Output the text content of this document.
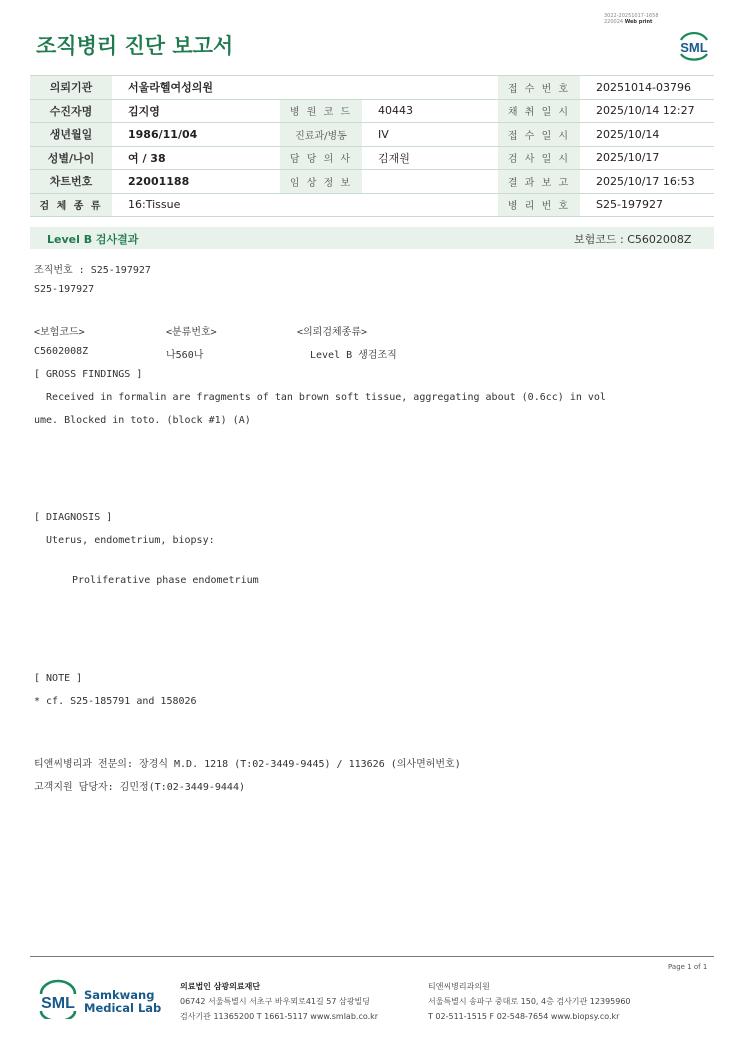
조직병리 진단 보고서
3022-20251017-1658
220024 Web print
SML
의뢰기관	서울라헬여성의원			접 수 번 호	20251014-03796
수진자명	김지영	병 원 코 드	40443	채 취 일 시	2025/10/14 12:27
생년월일	1986/11/04	진료과/병동	IV	접 수 일 시	2025/10/14
성별/나이	여 / 38	담 당 의 사	김재원	검 사 일 시	2025/10/17
차트번호	22001188	임 상 정 보		결 과 보 고	2025/10/17 16:53
검 체 종 류	16:Tissue			병 리 번 호	S25-197927
Level B 검사결과	보험코드 : C5602008Z
조직번호 : S25-197927
S25-197927
<보험코드>	<분류번호>	<의뢰검체종류>
C5602008Z	나560나	Level B 생검조직
[ GROSS FINDINGS ]
Received in formalin are fragments of tan brown soft tissue, aggregating about (0.6cc) in vol
ume. Blocked in toto. (block #1) (A)
[ DIAGNOSIS ]
Uterus, endometrium, biopsy:
Proliferative phase endometrium
[ NOTE ]
* cf. S25-185791 and 158026
티앤씨병리과 전문의: 장경식 M.D. 1218 (T:02-3449-9445) / 113626 (의사면허번호)
고객지원 담당자: 김민정(T:02-3449-9444)
Page 1 of 1
SML Samkwang
Medical Lab
의료법인 삼광의료재단
06742 서울특별시 서초구 바우뫼로41길 57 삼광빌딩
검사기관 11365200 T 1661-5117 www.smlab.co.kr
티앤씨병리과의원
서울특별시 송파구 중대로 150, 4층 검사기관 12395960
T 02-511-1515 F 02-548-7654 www.biopsy.co.kr
